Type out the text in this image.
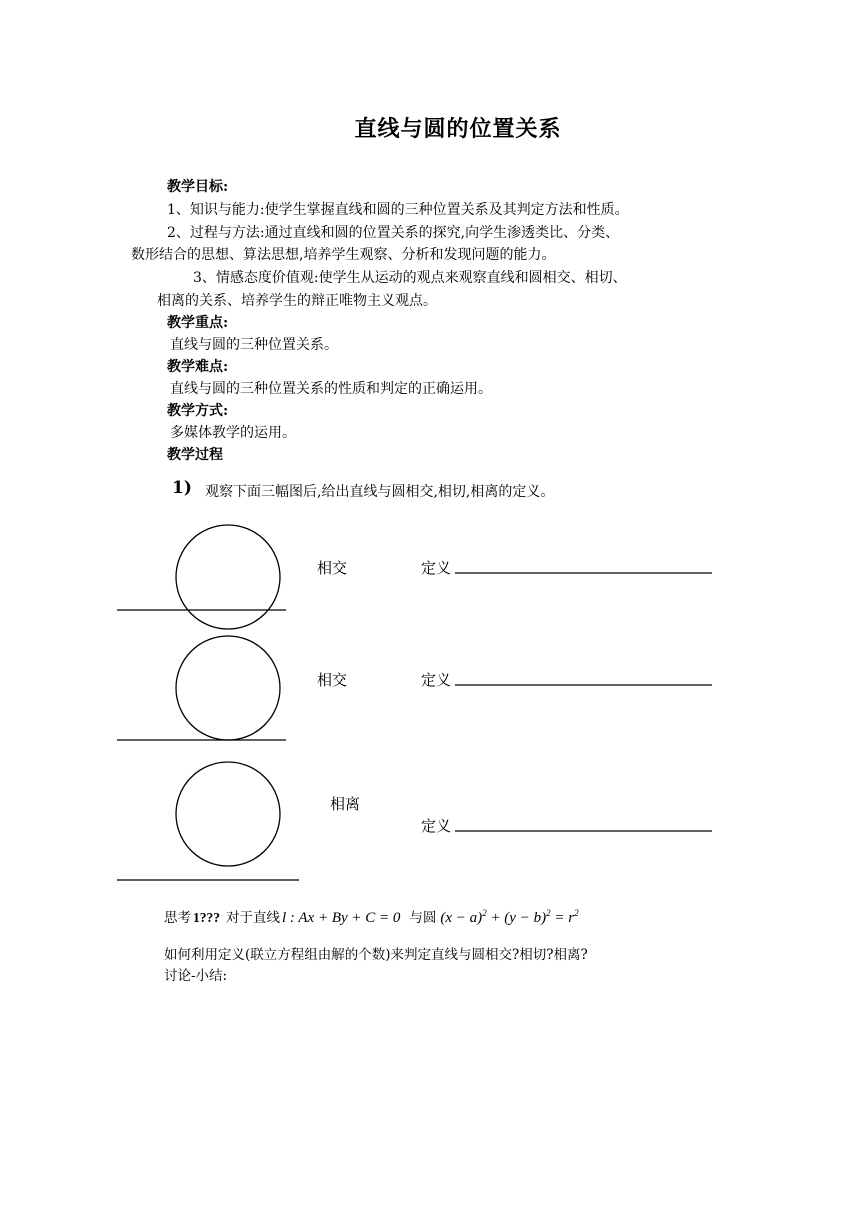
直线与圆的位置关系
教学目标:
1、知识与能力:使学生掌握直线和圆的三种位置关系及其判定方法和性质。
2、过程与方法:通过直线和圆的位置关系的探究,向学生渗透类比、分类、
数形结合的思想、算法思想,培养学生观察、分析和发现问题的能力。
3、情感态度价值观:使学生从运动的观点来观察直线和圆相交、相切、
相离的关系、培养学生的辩正唯物主义观点。
教学重点:
直线与圆的三种位置关系。
教学难点:
直线与圆的三种位置关系的性质和判定的正确运用。
教学方式:
多媒体教学的运用。
教学过程
1) 观察下面三幅图后,给出直线与圆相交,相切,相离的定义。
相交	定义
相交	定义
相离
定义
思考 1??? 对于直线 l : Ax + By + C = 0 与圆 $(x - a)^2 + (y - b)^2 = r^2$
如何利用定义(联立方程组由解的个数)来判定直线与圆相交?相切?相离?
讨论-小结:
